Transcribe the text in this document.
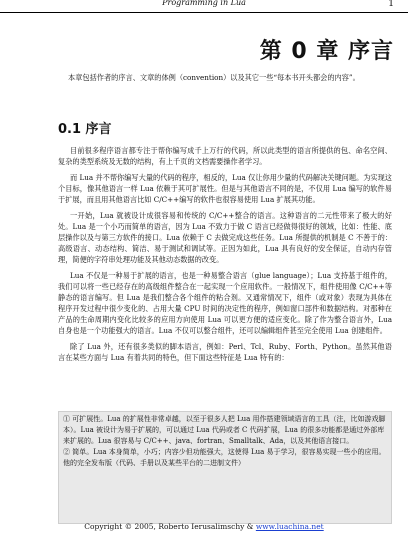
Programming in Lua	1
第 0 章 序言
本章包括作者的序言、文章的体例（convention）以及其它一些“每本书开头都会的内容”。
0.1 序言

目前很多程序语言都专注于帮你编写成千上万行的代码，所以此类型的语言所提供的包、命名空间、复杂的类型系统及无数的结构，有上千页的文档需要操作者学习。

而 Lua 并不帮你编写大量的代码的程序，相反的，Lua 仅让你用少量的代码解决关键问题。为实现这个目标，像其他语言一样 Lua 依赖于其可扩展性。但是与其他语言不同的是，不仅用 Lua 编写的软件易于扩展，而且用其他语言比如 C/C++编写的软件也很容易使用 Lua 扩展其功能。

一开始，Lua 就被设计成很容易和传统的 C/C++整合的语言。这种语言的二元性带来了极大的好处。Lua 是一个小巧而简单的语言，因为 Lua 不致力于做 C 语言已经做得很好的领域，比如：性能、底层操作以及与第三方软件的接口。Lua 依赖于 C 去做完成这些任务。Lua 所提供的机制是 C 不善于的：高级语言、动态结构、简洁、易于测试和调试等。正因为如此，Lua 具有良好的安全保证，自动内存管理，简便的字符串处理功能及其他动态数据的改变。

Lua 不仅是一种易于扩展的语言，也是一种易整合语言（glue language）；Lua 支持基于组件的，我们可以将一些已经存在的高级组件整合在一起实现一个应用软件。一般情况下，组件使用像 C/C++等静态的语言编写。但 Lua 是我们整合各个组件的粘合剂。又通常情况下，组件（或对象）表现为具体在程序开发过程中很少变化的、占用大量 CPU 时间的决定性的程序，例如窗口部件和数据结构。对那种在产品的生命周期内变化比较多的应用方向使用 Lua 可以更方便的适应变化。除了作为整合语言外，Lua 自身也是一个功能强大的语言。Lua 不仅可以整合组件，还可以编辑组件甚至完全使用 Lua 创建组件。

除了 Lua 外，还有很多类似的脚本语言，例如：Perl、Tcl、Ruby、Forth、Python。虽然其他语言在某些方面与 Lua 有着共同的特色，但下面这些特征是 Lua 特有的：

① 可扩展性。Lua 的扩展性非常卓越，以至于很多人把 Lua 用作搭建领域语言的工具（注，比如游戏脚本）。Lua 被设计为易于扩展的，可以通过 Lua 代码或者 C 代码扩展，Lua 的很多功能都是通过外部库来扩展的。Lua 很容易与 C/C++、java、fortran、Smalltalk、Ada，以及其他语言接口。

② 简单。Lua 本身简单，小巧；内容少但功能强大，这使得 Lua 易于学习，很容易实现一些小的应用。他的完全发布版（代码、手册以及某些平台的二进制文件）

Copyright © 2005, Roberto Ierusalimschy & www.luachina.net
